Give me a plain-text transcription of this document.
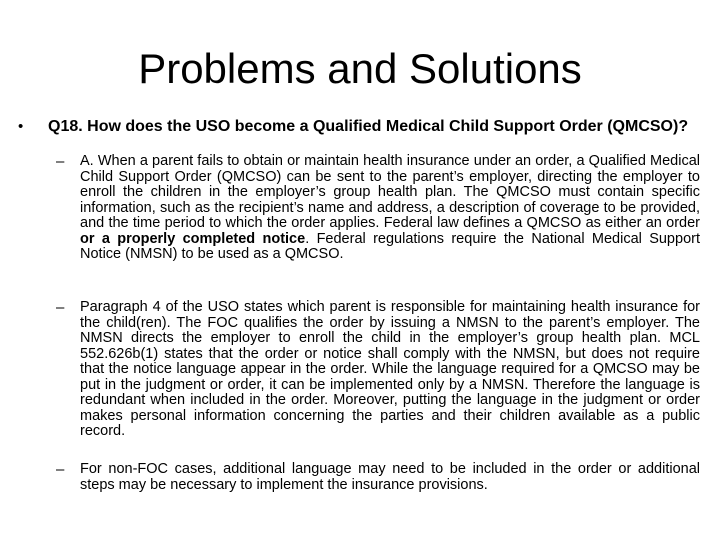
Problems and Solutions
• Q18. How does the USO become a Qualified Medical Child Support Order (QMCSO)?

– A. When a parent fails to obtain or maintain health insurance under an order, a Qualified Medical Child Support Order (QMCSO) can be sent to the parent’s employer, directing the employer to enroll the children in the employer’s group health plan. The QMCSO must contain specific information, such as the recipient’s name and address, a description of coverage to be provided, and the time period to which the order applies. Federal law defines a QMCSO as either an order or a properly completed notice. Federal regulations require the National Medical Support Notice (NMSN) to be used as a QMCSO.

– Paragraph 4 of the USO states which parent is responsible for maintaining health insurance for the child(ren). The FOC qualifies the order by issuing a NMSN to the parent’s employer. The NMSN directs the employer to enroll the child in the employer’s group health plan. MCL 552.626b(1) states that the order or notice shall comply with the NMSN, but does not require that the notice language appear in the order. While the language required for a QMCSO may be put in the judgment or order, it can be implemented only by a NMSN. Therefore the language is redundant when included in the order. Moreover, putting the language in the judgment or order makes personal information concerning the parties and their children available as a public record.

– For non-FOC cases, additional language may need to be included in the order or additional steps may be necessary to implement the insurance provisions.
